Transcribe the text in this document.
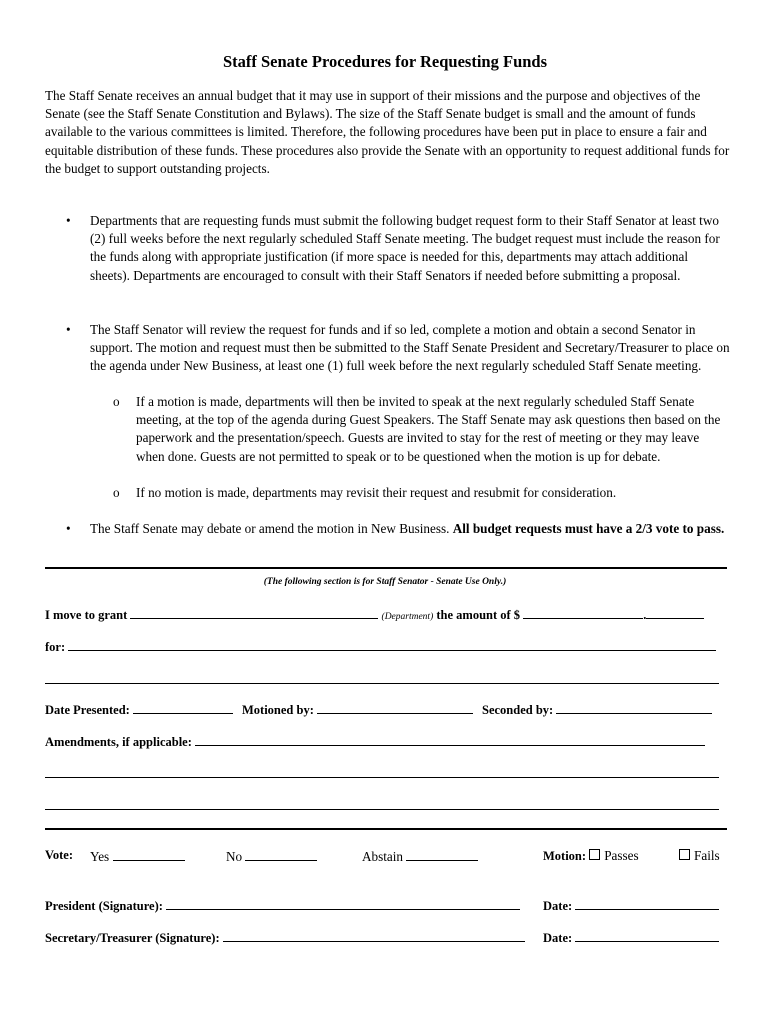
Staff Senate Procedures for Requesting Funds

The Staff Senate receives an annual budget that it may use in support of their missions and the purpose and objectives of the Senate (see the Staff Senate Constitution and Bylaws). The size of the Staff Senate budget is small and the amount of funds available to the various committees is limited. Therefore, the following procedures have been put in place to ensure a fair and equitable distribution of these funds. These procedures also provide the Senate with an opportunity to request additional funds for the budget to support outstanding projects.

• Departments that are requesting funds must submit the following budget request form to their Staff Senator at least two (2) full weeks before the next regularly scheduled Staff Senate meeting. The budget request must include the reason for the funds along with appropriate justification (if more space is needed for this, departments may attach additional sheets). Departments are encouraged to consult with their Staff Senators if needed before submitting a proposal.

• The Staff Senator will review the request for funds and if so led, complete a motion and obtain a second Senator in support. The motion and request must then be submitted to the Staff Senate President and Secretary/Treasurer to place on the agenda under New Business, at least one (1) full week before the next regularly scheduled Staff Senate meeting.

o If a motion is made, departments will then be invited to speak at the next regularly scheduled Staff Senate meeting, at the top of the agenda during Guest Speakers. The Staff Senate may ask questions then based on the paperwork and the presentation/speech. Guests are invited to stay for the rest of meeting or they may leave when done. Guests are not permitted to speak or to be questioned when the motion is up for debate.

o If no motion is made, departments may revisit their request and resubmit for consideration.

• The Staff Senate may debate or amend the motion in New Business. All budget requests must have a 2/3 vote to pass.

(The following section is for Staff Senator - Senate Use Only.)
I move to grant	(Department) the amount of $	.
for:
Date Presented:	Motioned by:	Seconded by:
Amendments, if applicable:
Vote: Yes	No	Abstain	Motion: Passes	Fails
President (Signature):	Date:
Secretary/Treasurer (Signature):	Date:
